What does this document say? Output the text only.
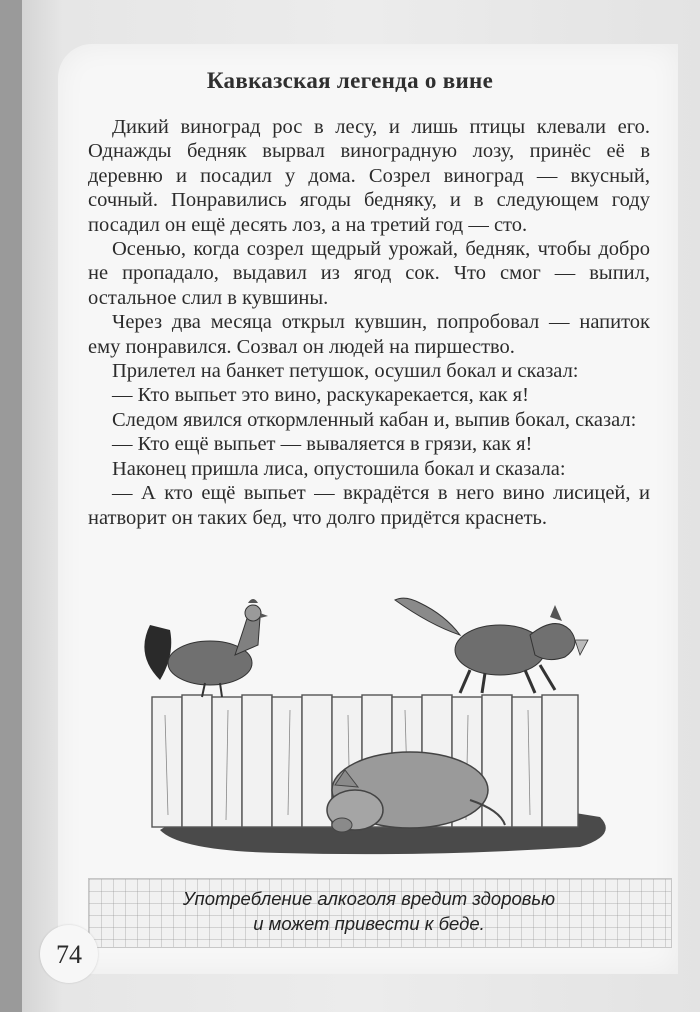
Кавказская легенда о вине

Дикий виноград рос в лесу, и лишь птицы клевали его. Однажды бедняк вырвал виноградную лозу, принёс её в деревню и посадил у дома. Созрел виноград — вкусный, сочный. Понравились ягоды бедняку, и в следующем году посадил он ещё десять лоз, а на третий год — сто.

Осенью, когда созрел щедрый урожай, бедняк, чтобы добро не пропадало, выдавил из ягод сок. Что смог — выпил, остальное слил в кувшины.

Через два месяца открыл кувшин, попробовал — напиток ему понравился. Созвал он людей на пиршество.

Прилетел на банкет петушок, осушил бокал и сказал:

— Кто выпьет это вино, раскукарекается, как я!

Следом явился откормленный кабан и, выпив бокал, сказал:

— Кто ещё выпьет — вываляется в грязи, как я!

Наконец пришла лиса, опустошила бокал и сказала:

— А кто ещё выпьет — вкрадётся в него вино лисицей, и натворит он таких бед, что долго придётся краснеть.

Употребление алкоголя вредит здоровью
и может привести к беде.
74
